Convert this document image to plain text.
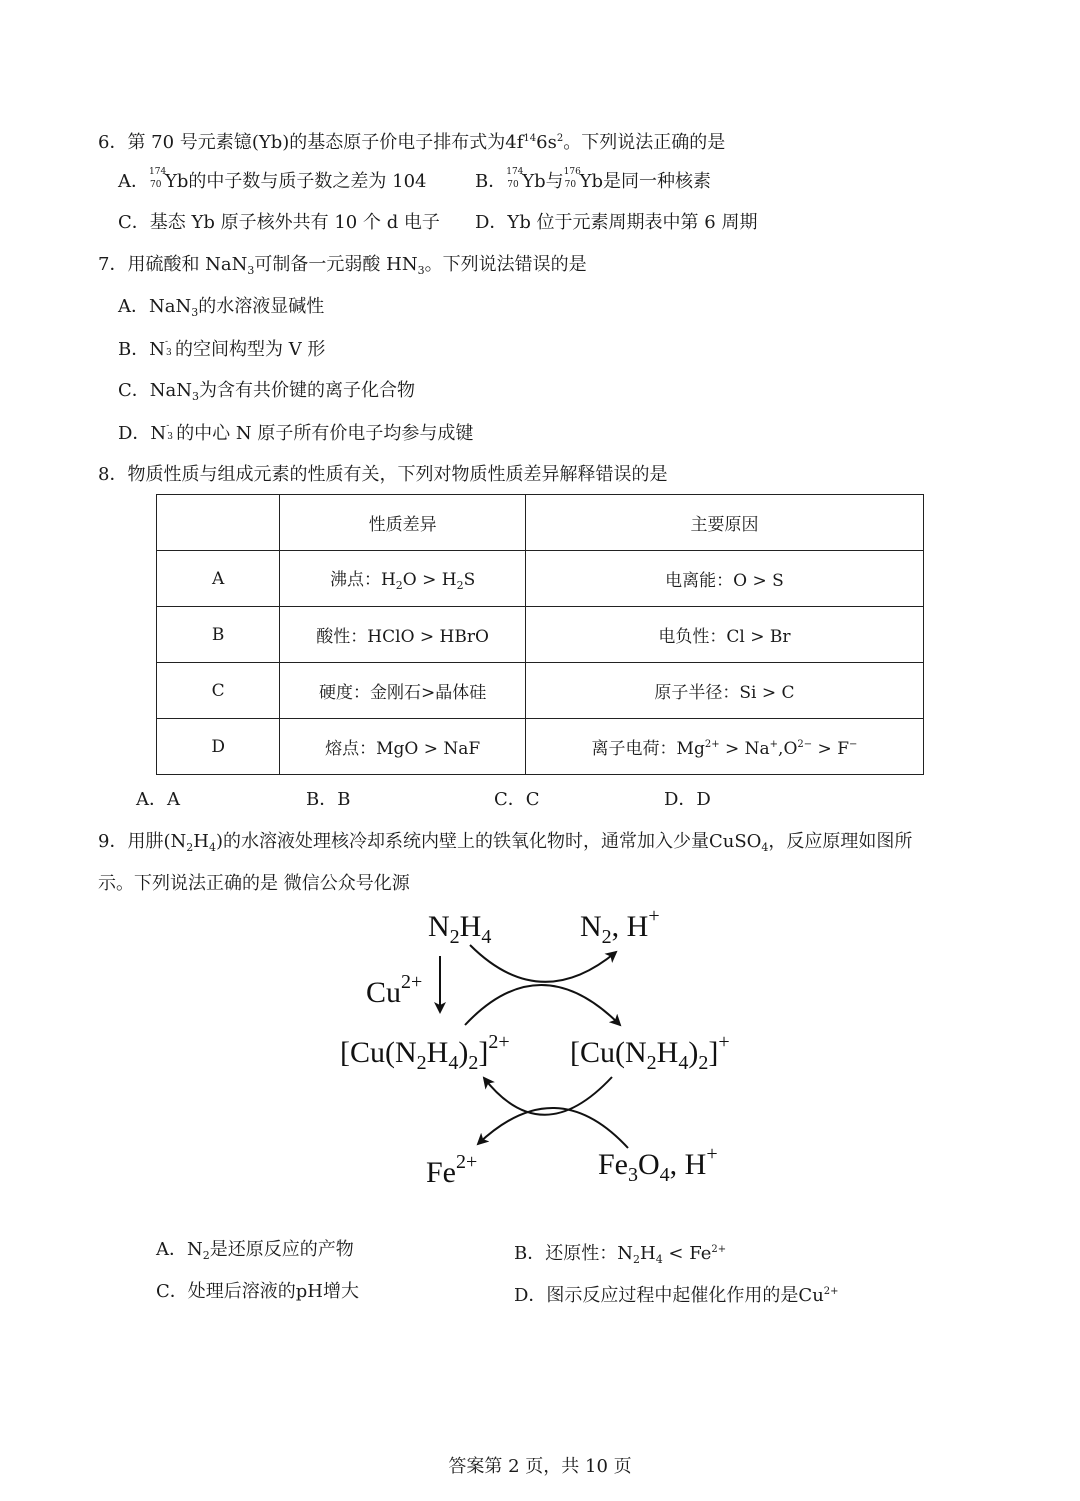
6．第 70 号元素镱(Yb)的基态原子价电子排布式为$4f^{14}6s^2$。下列说法正确的是
A． 174
70 Yb的中子数与质子数之差为 104	B． 174
70 Yb与 176
70 Yb是同一种核素
C．基态 Yb 原子核外共有 10 个 d 电子 D．Yb 位于元素周期表中第 6 周期
7．用硫酸和 NaN$_3$可制备一元弱酸 $HN_3$。下列说法错误的是
A．NaN$_3$的水溶液显碱性
B．N -
3 的空间构型为 V 形
C．NaN$_3$为含有共价键的离子化合物
D．N -
3 的中心 N 原子所有价电子均参与成键
8．物质性质与组成元素的性质有关，下列对物质性质差异解释错误的是
	性质差异	主要原因
A	沸点：$H_2O > H_2S$	电离能：O > S
B	酸性：HClO > HBrO	电负性：Cl > Br
C	硬度：金刚石>晶体硅	原子半径：Si > C
D	熔点：MgO > NaF	离子电荷：$Mg^{2+} > Na^+,O^{2-} > F^-$
A．A	B．B	C．C	D．D
9．用肼$(N_2H_4)$的水溶液处理核冷却系统内壁上的铁氧化物时，通常加入少量CuSO$_4$，反应原理如图所
示。下列说法正确的是 微信公众号化源
$N_2H_4$	$N_2$, H+
$Cu^{2+}$
$[Cu(N_2H_4)_2]^{2+}$ $[Cu(N_2H_4)_2]^+$
$Fe^{2+}$	$Fe_3O_4$, H+
A．$N_2$是还原反应的产物	B．还原性：$N_2H_4 < Fe^{2+}$
C．处理后溶液的pH增大	D．图示反应过程中起催化作用的是$Cu^{2+}$
答案第 2 页，共 10 页
